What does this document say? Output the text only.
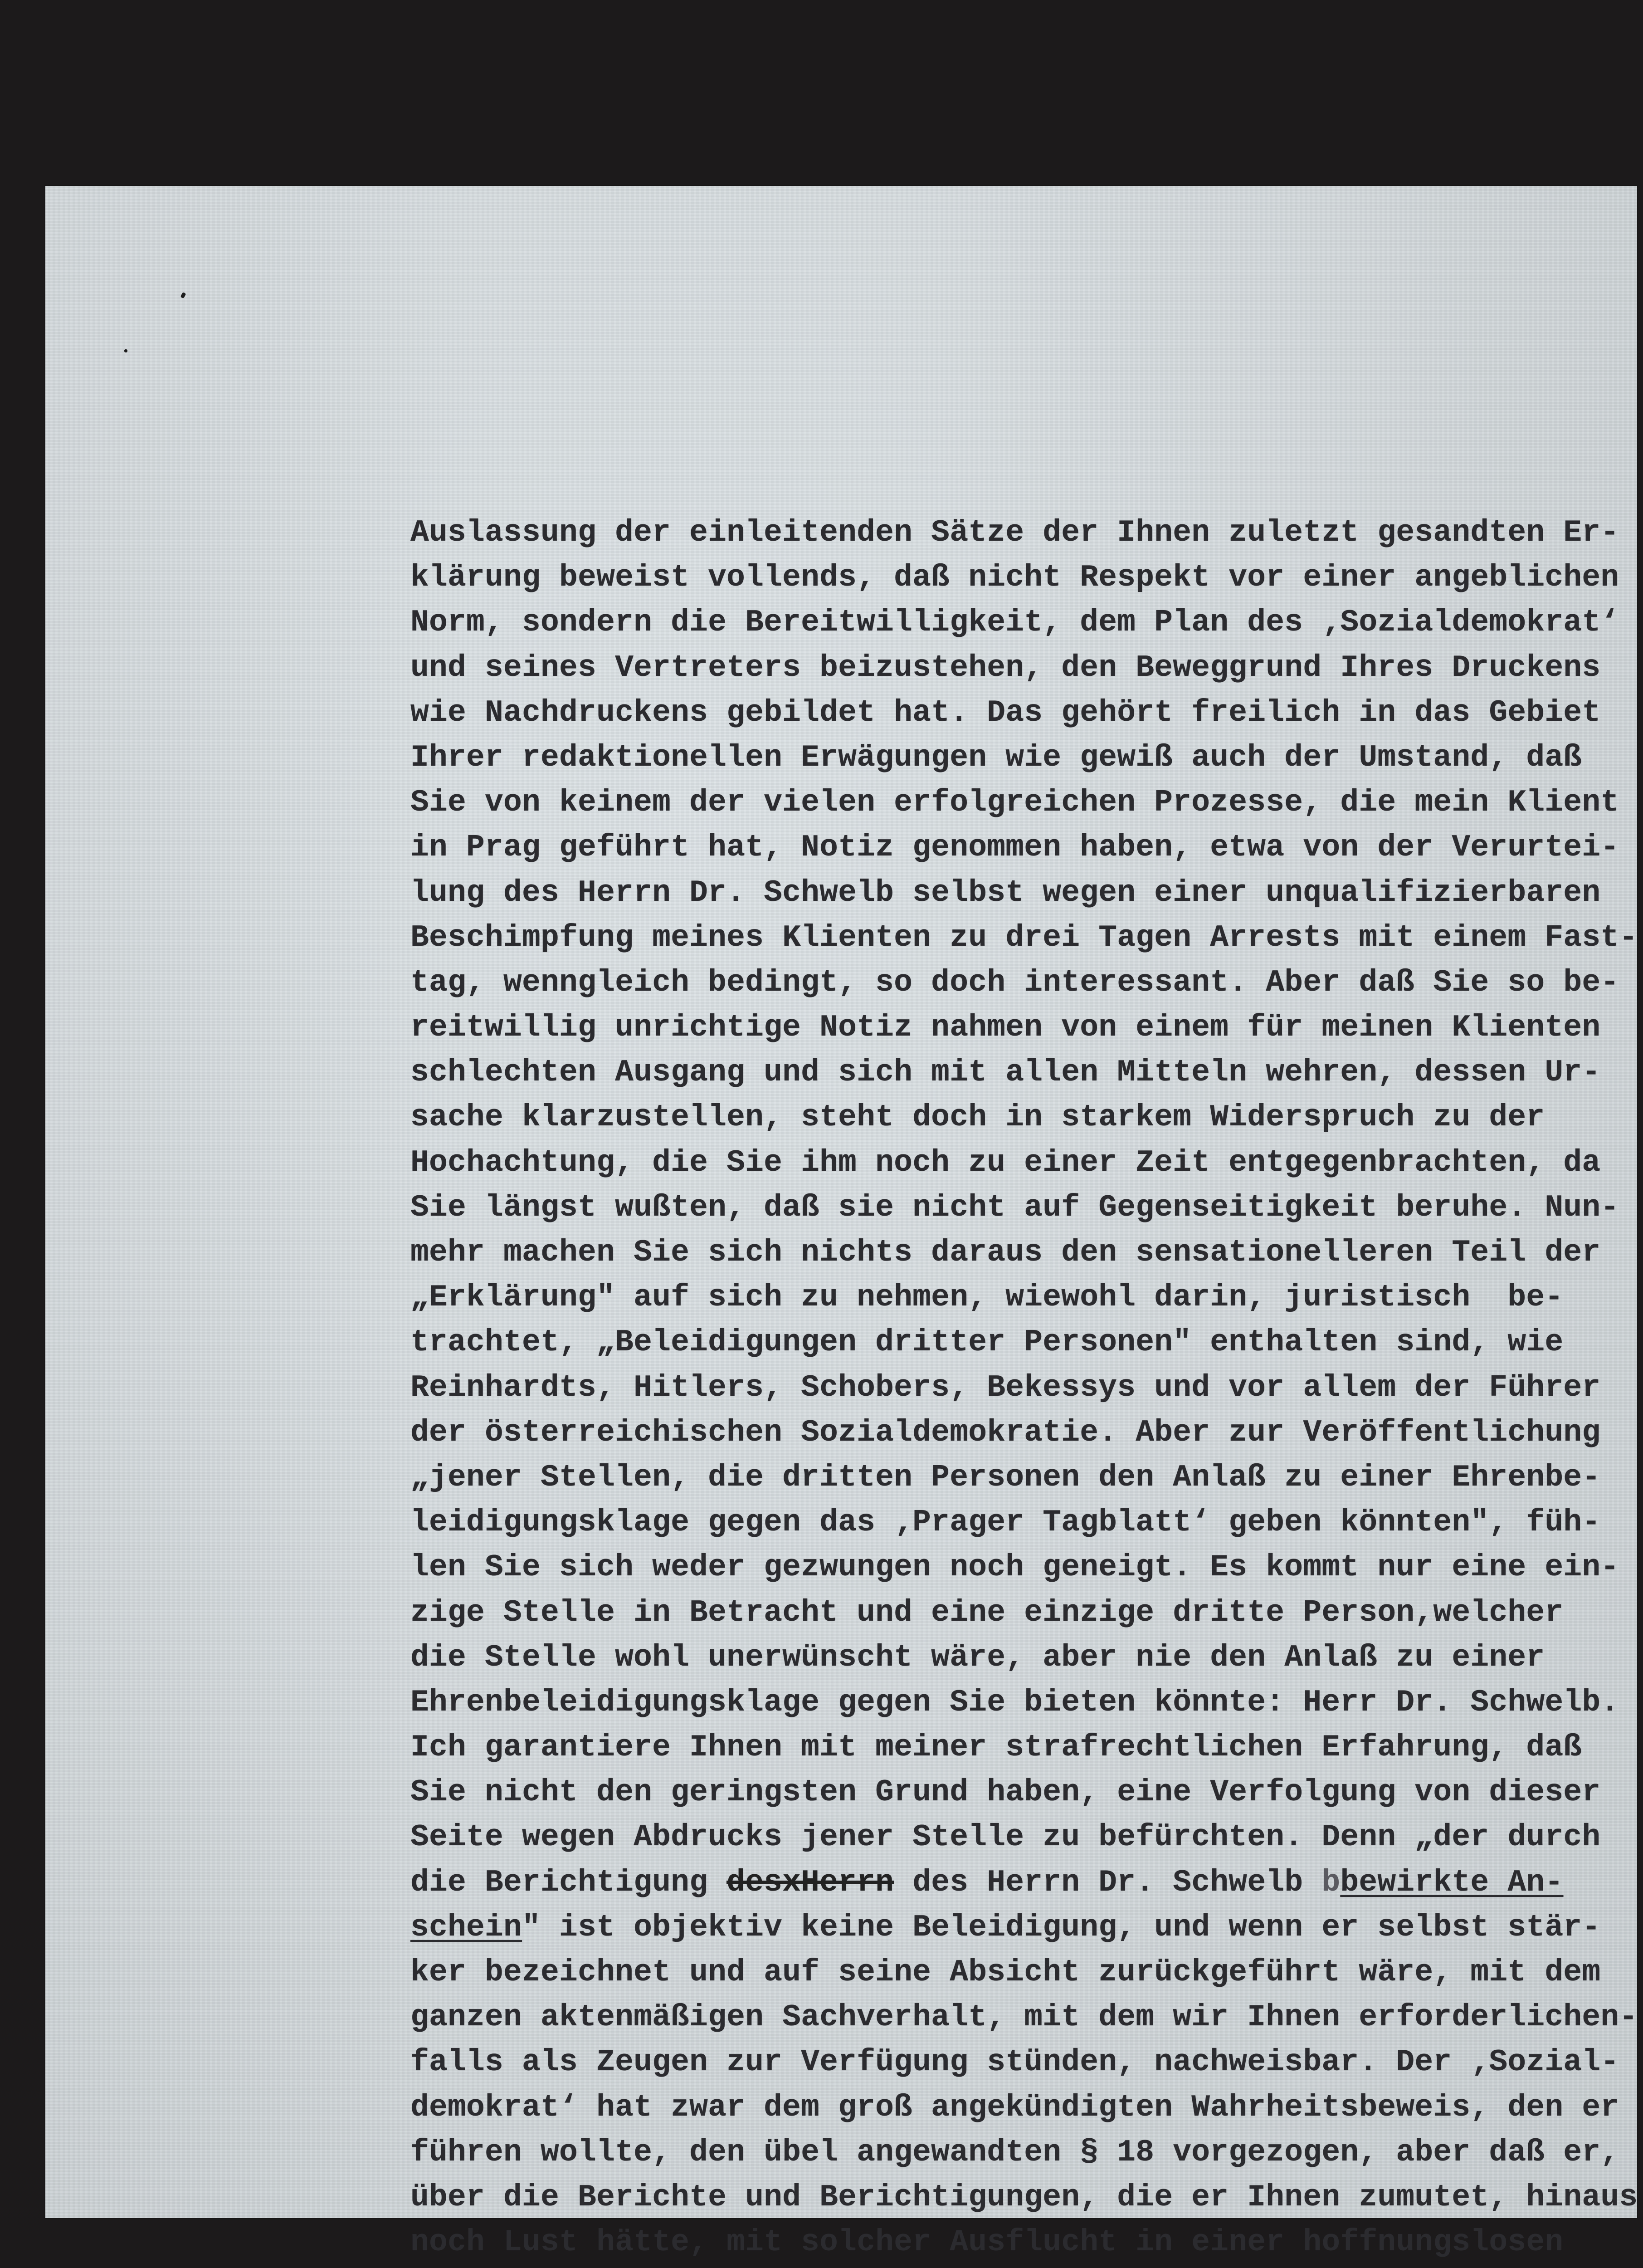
Auslassung der einleitenden Sätze der Ihnen zuletzt gesandten Er-
klärung beweist vollends, daß nicht Respekt vor einer angeblichen
Norm, sondern die Bereitwilligkeit, dem Plan des ‚Sozialdemokrat‘
und seines Vertreters beizustehen, den Beweggrund Ihres Druckens
wie Nachdruckens gebildet hat. Das gehört freilich in das Gebiet
Ihrer redaktionellen Erwägungen wie gewiß auch der Umstand, daß
Sie von keinem der vielen erfolgreichen Prozesse, die mein Klient
in Prag geführt hat, Notiz genommen haben, etwa von der Verurtei-
lung des Herrn Dr. Schwelb selbst wegen einer unqualifizierbaren
Beschimpfung meines Klienten zu drei Tagen Arrests mit einem Fast-
tag, wenngleich bedingt, so doch interessant. Aber daß Sie so be-
reitwillig unrichtige Notiz nahmen von einem für meinen Klienten
schlechten Ausgang und sich mit allen Mitteln wehren, dessen Ur-
sache klarzustellen, steht doch in starkem Widerspruch zu der
Hochachtung, die Sie ihm noch zu einer Zeit entgegenbrachten, da
Sie längst wußten, daß sie nicht auf Gegenseitigkeit beruhe. Nun-
mehr machen Sie sich nichts daraus den sensationelleren Teil der
„Erklärung" auf sich zu nehmen, wiewohl darin, juristisch  be-
trachtet, „Beleidigungen dritter Personen" enthalten sind, wie
Reinhardts, Hitlers, Schobers, Bekessys und vor allem der Führer
der österreichischen Sozialdemokratie. Aber zur Veröffentlichung
„jener Stellen, die dritten Personen den Anlaß zu einer Ehrenbe-
leidigungsklage gegen das ‚Prager Tagblatt‘ geben könnten", füh-
len Sie sich weder gezwungen noch geneigt. Es kommt nur eine ein-
zige Stelle in Betracht und eine einzige dritte Person,welcher
die Stelle wohl unerwünscht wäre, aber nie den Anlaß zu einer
Ehrenbeleidigungsklage gegen Sie bieten könnte: Herr Dr. Schwelb.
Ich garantiere Ihnen mit meiner strafrechtlichen Erfahrung, daß
Sie nicht den geringsten Grund haben, eine Verfolgung von dieser
Seite wegen Abdrucks jener Stelle zu befürchten. Denn „der durch
die Berichtigung desxHerrn des Herrn Dr. Schwelb bbewirkte An-
schein" ist objektiv keine Beleidigung, und wenn er selbst stär-
ker bezeichnet und auf seine Absicht zurückgeführt wäre, mit dem
ganzen aktenmäßigen Sachverhalt, mit dem wir Ihnen erforderlichen-
falls als Zeugen zur Verfügung stünden, nachweisbar. Der ‚Sozial-
demokrat‘ hat zwar dem groß angekündigten Wahrheitsbeweis, den er
führen wollte, den übel angewandten § 18 vorgezogen, aber daß er,
über die Berichte und Berichtigungen, die er Ihnen zumutet, hinaus
noch Lust hätte, mit solcher Ausflucht in einer hoffnungslosen
